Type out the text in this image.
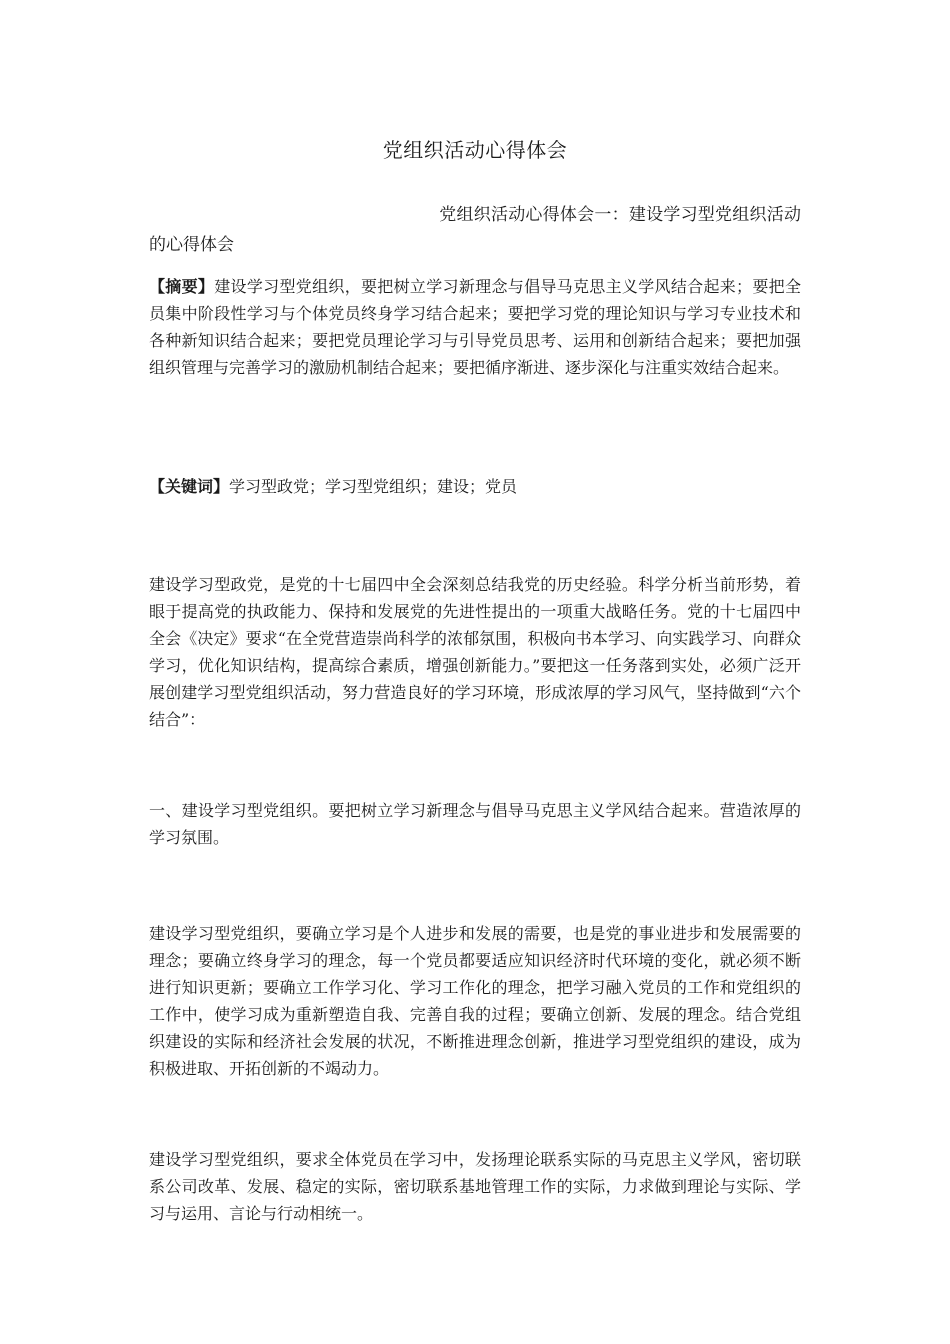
党组织活动心得体会
党组织活动心得体会一：建设学习型党组织活动的心得体会
【摘要】建设学习型党组织，要把树立学习新理念与倡导马克思主义学风结合起来；要把全员集中阶段性学习与个体党员终身学习结合起来；要把学习党的理论知识与学习专业技术和各种新知识结合起来；要把党员理论学习与引导党员思考、运用和创新结合起来；要把加强组织管理与完善学习的激励机制结合起来；要把循序渐进、逐步深化与注重实效结合起来。
【关键词】学习型政党；学习型党组织；建设；党员
建设学习型政党，是党的十七届四中全会深刻总结我党的历史经验。科学分析当前形势，着眼于提高党的执政能力、保持和发展党的先进性提出的一项重大战略任务。党的十七届四中全会《决定》要求“在全党营造崇尚科学的浓郁氛围，积极向书本学习、向实践学习、向群众学习，优化知识结构，提高综合素质，增强创新能力。”要把这一任务落到实处，必须广泛开展创建学习型党组织活动，努力营造良好的学习环境，形成浓厚的学习风气，坚持做到“六个结合”：
一、建设学习型党组织。要把树立学习新理念与倡导马克思主义学风结合起来。营造浓厚的学习氛围。
建设学习型党组织，要确立学习是个人进步和发展的需要，也是党的事业进步和发展需要的理念；要确立终身学习的理念，每一个党员都要适应知识经济时代环境的变化，就必须不断进行知识更新；要确立工作学习化、学习工作化的理念，把学习融入党员的工作和党组织的工作中，使学习成为重新塑造自我、完善自我的过程；要确立创新、发展的理念。结合党组织建设的实际和经济社会发展的状况，不断推进理念创新，推进学习型党组织的建设，成为积极进取、开拓创新的不竭动力。
建设学习型党组织，要求全体党员在学习中，发扬理论联系实际的马克思主义学风，密切联系公司改革、发展、稳定的实际，密切联系基地管理工作的实际，力求做到理论与实际、学习与运用、言论与行动相统一。
